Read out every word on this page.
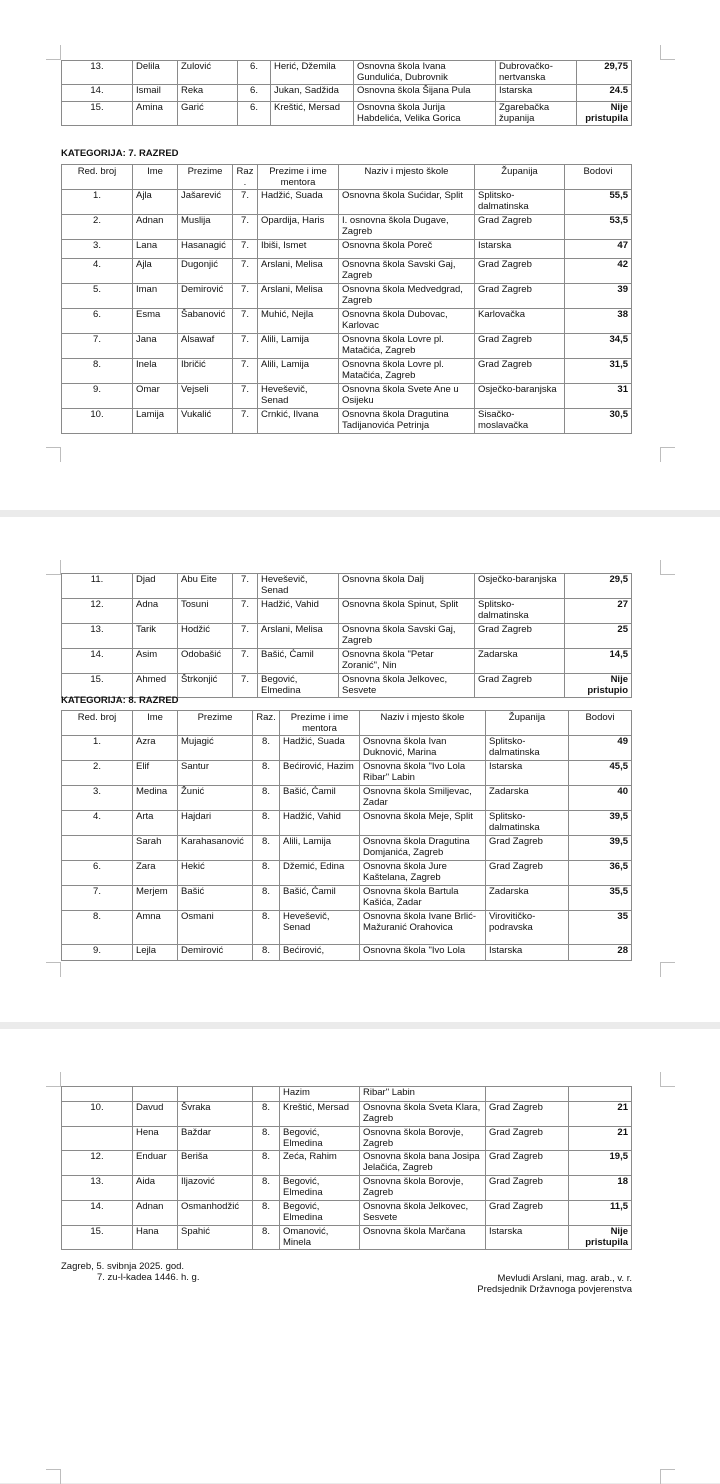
13.	Delila	Zulović	6.	Herić, Džemila	Osnovna škola Ivana Gundulića, Dubrovnik	Dubrovačko-nertvanska	29,75
14.	Ismail	Reka	6.	Jukan, Sadžida	Osnovna škola Šijana Pula	Istarska	24.5
15.	Amina	Garić	6.	Kreštić, Mersad	Osnovna škola Jurija Habdelića, Velika Gorica	Zgarebačka županija	Nije pristupila
KATEGORIJA: 7. RAZRED
Red. broj	Ime	Prezime	Raz.	Prezime i ime mentora	Naziv i mjesto škole	Županija	Bodovi
1.	Ajla	Jašarević	7.	Hadžić, Suada	Osnovna škola Sućidar, Split	Splitsko-dalmatinska	55,5
2.	Adnan	Muslija	7.	Opardija, Haris	I. osnovna škola Dugave, Zagreb	Grad Zagreb	53,5
3.	Lana	Hasanagić	7.	Ibiši, Ismet	Osnovna škola Poreč	Istarska	47
4.	Ajla	Dugonjić	7.	Arslani, Melisa	Osnovna škola Savski Gaj, Zagreb	Grad Zagreb	42
5.	Iman	Demirović	7.	Arslani, Melisa	Osnovna škola Medvedgrad, Zagreb	Grad Zagreb	39
6.	Esma	Šabanović	7.	Muhić, Nejla	Osnovna škola Dubovac, Karlovac	Karlovačka	38
7.	Jana	Alsawaf	7.	Alili, Lamija	Osnovna škola Lovre pl. Matačića, Zagreb	Grad Zagreb	34,5
8.	Inela	Ibričić	7.	Alili, Lamija	Osnovna škola Lovre pl. Matačića, Zagreb	Grad Zagreb	31,5
9.	Omar	Vejseli	7.	Heveševič, Senad	Osnovna škola Svete Ane u Osijeku	Osječko-baranjska	31
10.	Lamija	Vukalić	7.	Crnkić, Ilvana	Osnovna škola Dragutina Tadijanovića Petrinja	Sisačko-moslavačka	30,5
11.	Djad	Abu Eite	7.	Heveševič, Senad	Osnovna škola Dalj	Osječko-baranjska	29,5
12.	Adna	Tosuni	7.	Hadžić, Vahid	Osnovna škola Spinut, Split	Splitsko-dalmatinska	27
13.	Tarik	Hodžić	7.	Arslani, Melisa	Osnovna škola Savski Gaj, Zagreb	Grad Zagreb	25
14.	Asim	Odobašić	7.	Bašić, Ćamil	Osnovna škola "Petar Zoranić", Nin	Zadarska	14,5
15.	Ahmed	Štrkonjić	7.	Begović, Elmedina	Osnovna škola Jelkovec, Sesvete	Grad Zagreb	Nije pristupio
KATEGORIJA: 8. RAZRED
Red. broj	Ime	Prezime	Raz.	Prezime i ime mentora	Naziv i mjesto škole	Županija	Bodovi
1.	Azra	Mujagić	8.	Hadžić, Suada	Osnovna škola Ivan Duknović, Marina	Splitsko-dalmatinska	49
2.	Elif	Santur	8.	Bećirović, Hazim	Osnovna škola "Ivo Lola Ribar" Labin	Istarska	45,5
3.	Medina	Žunić	8.	Bašić, Ćamil	Osnovna škola Smiljevac, Zadar	Zadarska	40
4.	Arta	Hajdari	8.	Hadžić, Vahid	Osnovna škola Meje, Split	Splitsko-dalmatinska	39,5
	Sarah	Karahasanović	8.	Alili, Lamija	Osnovna škola Dragutina Domjanića, Zagreb	Grad Zagreb	39,5
6.	Zara	Hekić	8.	Džemić, Edina	Osnovna škola Jure Kaštelana, Zagreb	Grad Zagreb	36,5
7.	Merjem	Bašić	8.	Bašić, Ćamil	Osnovna škola Bartula Kašića, Zadar	Zadarska	35,5
8.	Amna	Osmani	8.	Heveševič, Senad	Osnovna škola Ivane Brlić-Mažuranić Orahovica	Virovitičko-podravska	35
9.	Lejla	Demirović	8.	Bećirović,	Osnovna škola "Ivo Lola	Istarska	28
				Hazim	Ribar" Labin		
10.	Davud	Švraka	8.	Kreštić, Mersad	Osnovna škola Sveta Klara, Zagreb	Grad Zagreb	21
	Hena	Baždar	8.	Begović, Elmedina	Osnovna škola Borovje, Zagreb	Grad Zagreb	21
12.	Enduar	Beriša	8.	Zeća, Rahim	Osnovna škola bana Josipa Jelačića, Zagreb	Grad Zagreb	19,5
13.	Aida	Iljazović	8.	Begović, Elmedina	Osnovna škola Borovje, Zagreb	Grad Zagreb	18
14.	Adnan	Osmanhodžić	8.	Begović, Elmedina	Osnovna škola Jelkovec, Sesvete	Grad Zagreb	11,5
15.	Hana	Spahić	8.	Omanović, Minela	Osnovna škola Marčana	Istarska	Nije pristupila
Zagreb, 5. svibnja 2025. god.
7. zu-l-kadea 1446. h. g.	Mevludi Arslani, mag. arab., v. r.
Predsjednik Državnoga povjerenstva
